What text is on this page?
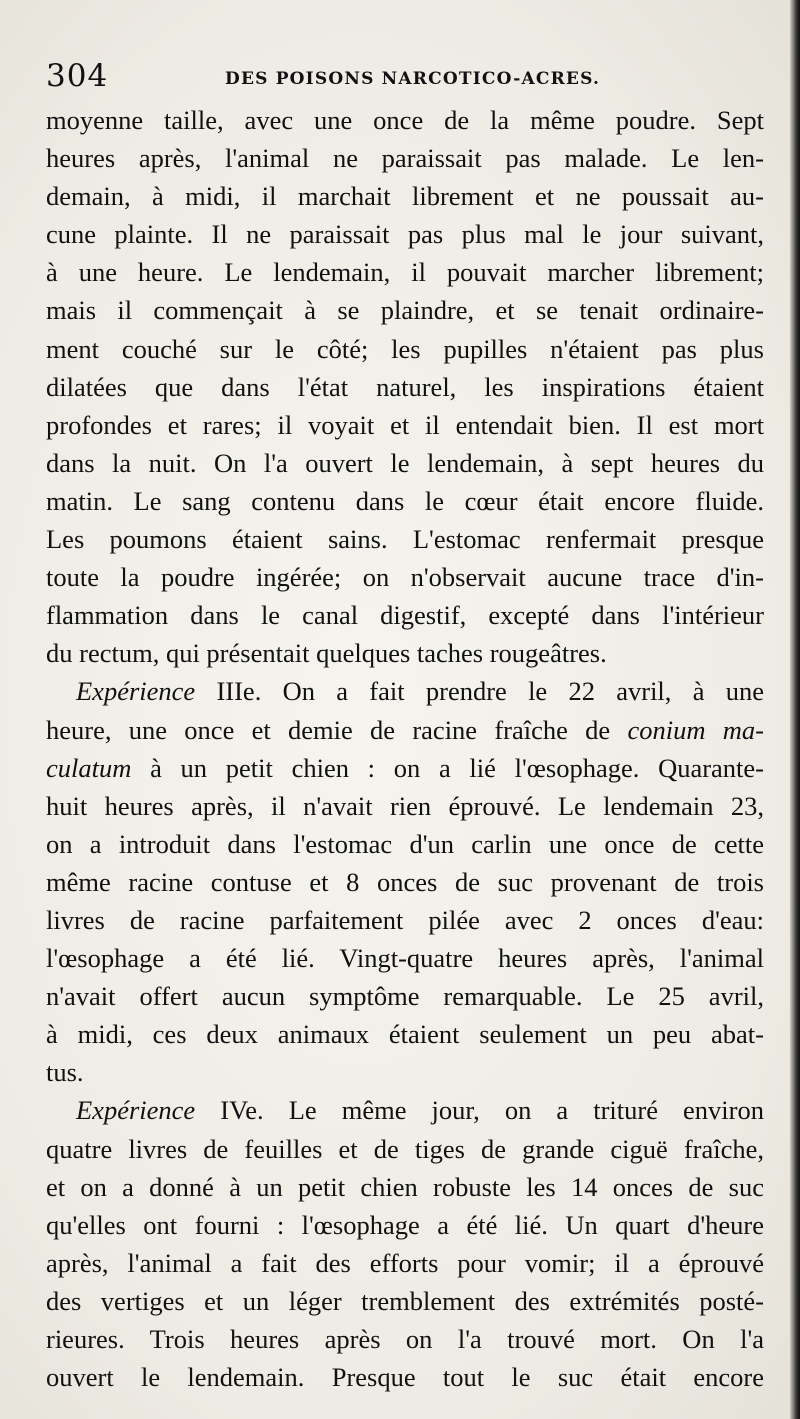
304	DES POISONS NARCOTICO-ACRES.
moyenne taille, avec une once de la même poudre. Sept
heures après, l'animal ne paraissait pas malade. Le len-
demain, à midi, il marchait librement et ne poussait au-
cune plainte. Il ne paraissait pas plus mal le jour suivant,
à une heure. Le lendemain, il pouvait marcher librement;
mais il commençait à se plaindre, et se tenait ordinaire-
ment couché sur le côté; les pupilles n'étaient pas plus
dilatées que dans l'état naturel, les inspirations étaient
profondes et rares; il voyait et il entendait bien. Il est mort
dans la nuit. On l'a ouvert le lendemain, à sept heures du
matin. Le sang contenu dans le cœur était encore fluide.
Les poumons étaient sains. L'estomac renfermait presque
toute la poudre ingérée; on n'observait aucune trace d'in-
flammation dans le canal digestif, excepté dans l'intérieur
du rectum, qui présentait quelques taches rougeâtres.
Expérience IIIe. On a fait prendre le 22 avril, à une
heure, une once et demie de racine fraîche de conium ma-
culatum à un petit chien : on a lié l'œsophage. Quarante-
huit heures après, il n'avait rien éprouvé. Le lendemain 23,
on a introduit dans l'estomac d'un carlin une once de cette
même racine contuse et 8 onces de suc provenant de trois
livres de racine parfaitement pilée avec 2 onces d'eau:
l'œsophage a été lié. Vingt-quatre heures après, l'animal
n'avait offert aucun symptôme remarquable. Le 25 avril,
à midi, ces deux animaux étaient seulement un peu abat-
tus.
Expérience IVe. Le même jour, on a trituré environ
quatre livres de feuilles et de tiges de grande ciguë fraîche,
et on a donné à un petit chien robuste les 14 onces de suc
qu'elles ont fourni : l'œsophage a été lié. Un quart d'heure
après, l'animal a fait des efforts pour vomir; il a éprouvé
des vertiges et un léger tremblement des extrémités posté-
rieures. Trois heures après on l'a trouvé mort. On l'a
ouvert le lendemain. Presque tout le suc était encore
